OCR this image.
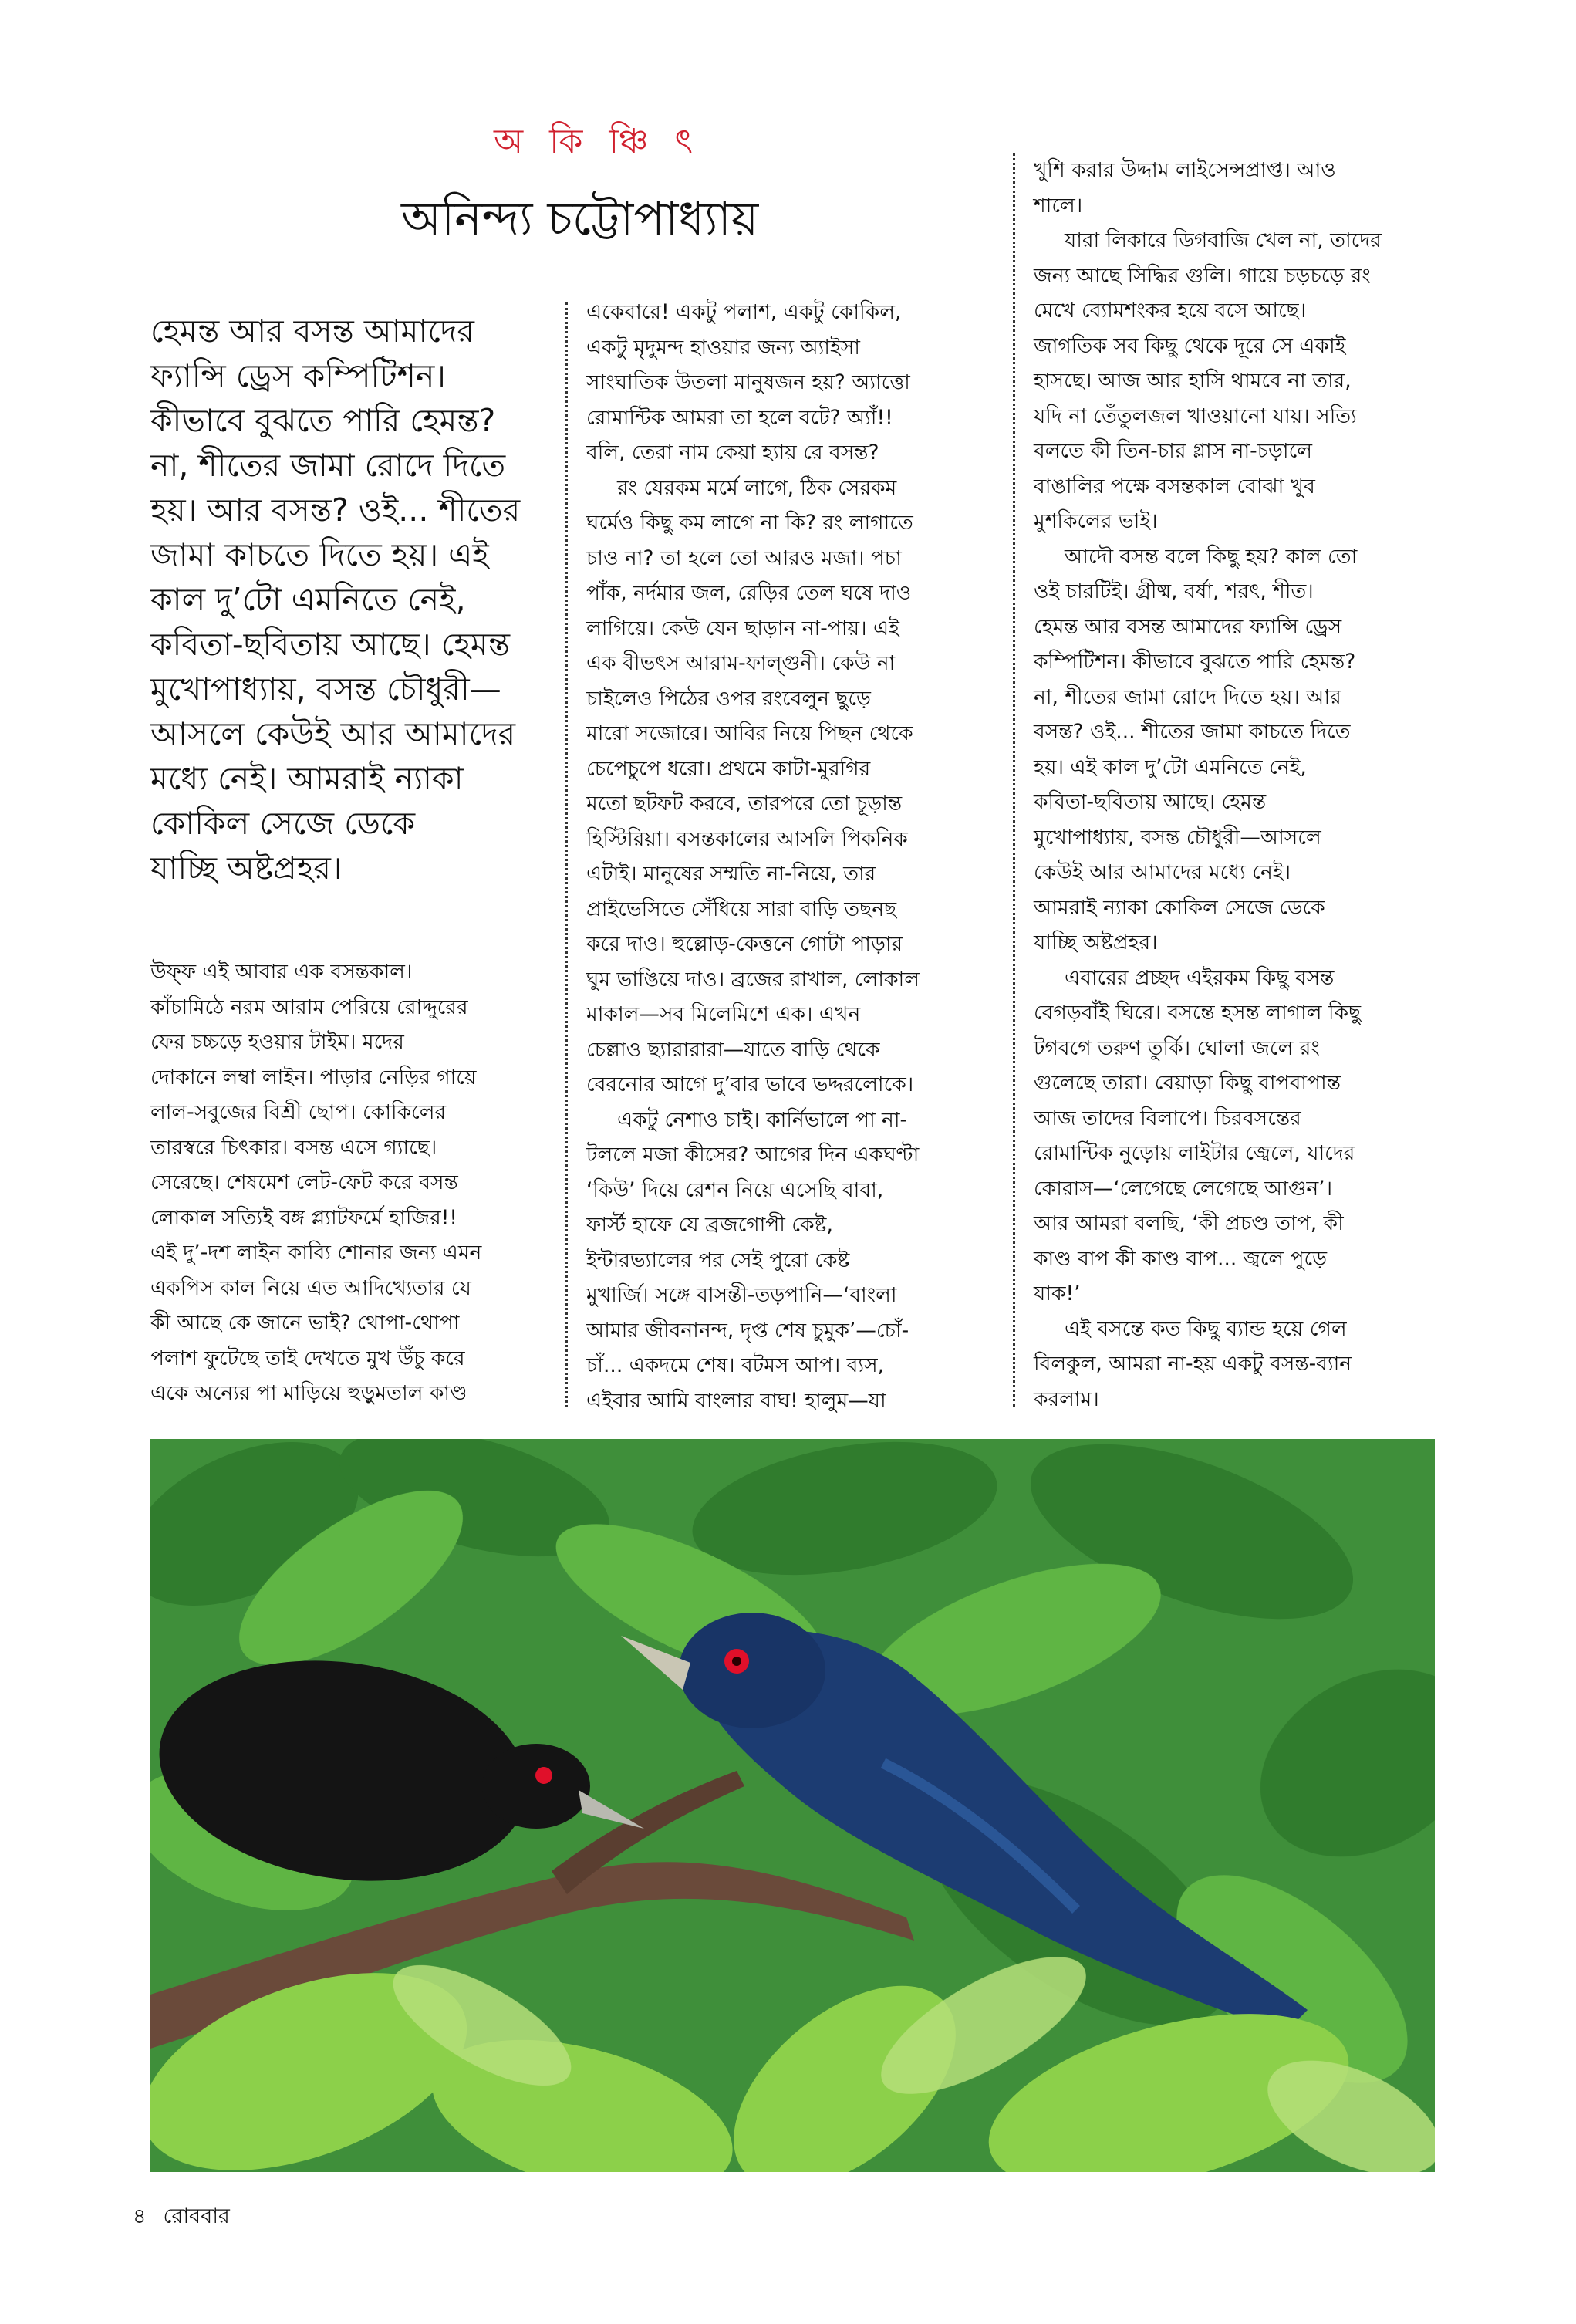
অ কি ঞ্চি ৎ
অনিন্দ্য চট্টোপাধ্যায়
হেমন্ত আর বসন্ত আমাদের
ফ্যান্সি ড্রেস কম্পিটিশন।
কীভাবে বুঝতে পারি হেমন্ত?
না, শীতের জামা রোদে দিতে
হয়। আর বসন্ত? ওই... শীতের
জামা কাচতে দিতে হয়। এই
কাল দু’টো এমনিতে নেই,
কবিতা-ছবিতায় আছে। হেমন্ত
মুখোপাধ্যায়, বসন্ত চৌধুরী—
আসলে কেউই আর আমাদের
মধ্যে নেই। আমরাই ন্যাকা
কোকিল সেজে ডেকে
যাচ্ছি অষ্টপ্রহর।
উফ্ফ এই আবার এক বসন্তকাল।
কাঁচামিঠে নরম আরাম পেরিয়ে রোদ্দুরের
ফের চচ্চড়ে হওয়ার টাইম। মদের
দোকানে লম্বা লাইন। পাড়ার নেড়ির গায়ে
লাল-সবুজের বিশ্রী ছোপ। কোকিলের
তারস্বরে চিৎকার। বসন্ত এসে গ্যাছে।
সেরেছে। শেষমেশ লেট-ফেট করে বসন্ত
লোকাল সত্যিই বঙ্গ প্ল্যাটফর্মে হাজির!!
এই দু’-দশ লাইন কাব্যি শোনার জন্য এমন
একপিস কাল নিয়ে এত আদিখ্যেতার যে
কী আছে কে জানে ভাই? থোপা-থোপা
পলাশ ফুটেছে তাই দেখতে মুখ উঁচু করে
একে অন্যের পা মাড়িয়ে হুড়ুমতাল কাণ্ড
একেবারে! একটু পলাশ, একটু কোকিল,
একটু মৃদুমন্দ হাওয়ার জন্য অ্যাইসা
সাংঘাতিক উতলা মানুষজন হয়? অ্যাত্তো
রোমান্টিক আমরা তা হলে বটে? অ্যাঁ!!
বলি, তেরা নাম কেয়া হ্যায় রে বসন্ত?
রং যেরকম মর্মে লাগে, ঠিক সেরকম
ঘর্মেও কিছু কম লাগে না কি? রং লাগাতে
চাও না? তা হলে তো আরও মজা। পচা
পাঁক, নর্দমার জল, রেড়ির তেল ঘষে দাও
লাগিয়ে। কেউ যেন ছাড়ান না-পায়। এই
এক বীভৎস আরাম-ফাল্গুনী। কেউ না
চাইলেও পিঠের ওপর রংবেলুন ছুড়ে
মারো সজোরে। আবির নিয়ে পিছন থেকে
চেপেচুপে ধরো। প্রথমে কাটা-মুরগির
মতো ছটফট করবে, তারপরে তো চূড়ান্ত
হিস্টিরিয়া। বসন্তকালের আসলি পিকনিক
এটাই। মানুষের সম্মতি না-নিয়ে, তার
প্রাইভেসিতে সেঁধিয়ে সারা বাড়ি তছনছ
করে দাও। হুল্লোড়-কেত্তনে গোটা পাড়ার
ঘুম ভাঙিয়ে দাও। ব্রজের রাখাল, লোকাল
মাকাল—সব মিলেমিশে এক। এখন
চেল্লাও ছ্যারারারা—যাতে বাড়ি থেকে
বেরনোর আগে দু’বার ভাবে ভদ্দরলোকে।
একটু নেশাও চাই। কার্নিভালে পা না-
টললে মজা কীসের? আগের দিন একঘণ্টা
‘কিউ’ দিয়ে রেশন নিয়ে এসেছি বাবা,
ফার্স্ট হাফে যে ব্রজগোপী কেষ্ট,
ইন্টারভ্যালের পর সেই পুরো কেষ্ট
মুখার্জি। সঙ্গে বাসন্তী-তড়পানি—‘বাংলা
আমার জীবনানন্দ, দৃপ্ত শেষ চুমুক’—চোঁ-
চাঁ... একদমে শেষ। বটমস আপ। ব্যস,
এইবার আমি বাংলার বাঘ! হালুম—যা
খুশি করার উদ্দাম লাইসেন্সপ্রাপ্ত। আও
শালে।
যারা লিকারে ডিগবাজি খেল না, তাদের
জন্য আছে সিদ্ধির গুলি। গায়ে চড়চড়ে রং
মেখে ব্যোমশংকর হয়ে বসে আছে।
জাগতিক সব কিছু থেকে দূরে সে একাই
হাসছে। আজ আর হাসি থামবে না তার,
যদি না তেঁতুলজল খাওয়ানো যায়। সত্যি
বলতে কী তিন-চার গ্লাস না-চড়ালে
বাঙালির পক্ষে বসন্তকাল বোঝা খুব
মুশকিলের ভাই।
আদৌ বসন্ত বলে কিছু হয়? কাল তো
ওই চারটিই। গ্রীষ্ম, বর্ষা, শরৎ, শীত।
হেমন্ত আর বসন্ত আমাদের ফ্যান্সি ড্রেস
কম্পিটিশন। কীভাবে বুঝতে পারি হেমন্ত?
না, শীতের জামা রোদে দিতে হয়। আর
বসন্ত? ওই... শীতের জামা কাচতে দিতে
হয়। এই কাল দু’টো এমনিতে নেই,
কবিতা-ছবিতায় আছে। হেমন্ত
মুখোপাধ্যায়, বসন্ত চৌধুরী—আসলে
কেউই আর আমাদের মধ্যে নেই।
আমরাই ন্যাকা কোকিল সেজে ডেকে
যাচ্ছি অষ্টপ্রহর।
এবারের প্রচ্ছদ এইরকম কিছু বসন্ত
বেগড়বাঁই ঘিরে। বসন্তে হসন্ত লাগাল কিছু
টগবগে তরুণ তুর্কি। ঘোলা জলে রং
গুলেছে তারা। বেয়াড়া কিছু বাপবাপান্ত
আজ তাদের বিলাপে। চিরবসন্তের
রোমান্টিক নুড়োয় লাইটার জ্বেলে, যাদের
কোরাস—‘লেগেছে লেগেছে আগুন’।
আর আমরা বলছি, ‘কী প্রচণ্ড তাপ, কী
কাণ্ড বাপ কী কাণ্ড বাপ... জ্বলে পুড়ে
যাক!’
এই বসন্তে কত কিছু ব্যান্ড হয়ে গেল
বিলকুল, আমরা না-হয় একটু বসন্ত-ব্যান
করলাম।
৪ রোববার
